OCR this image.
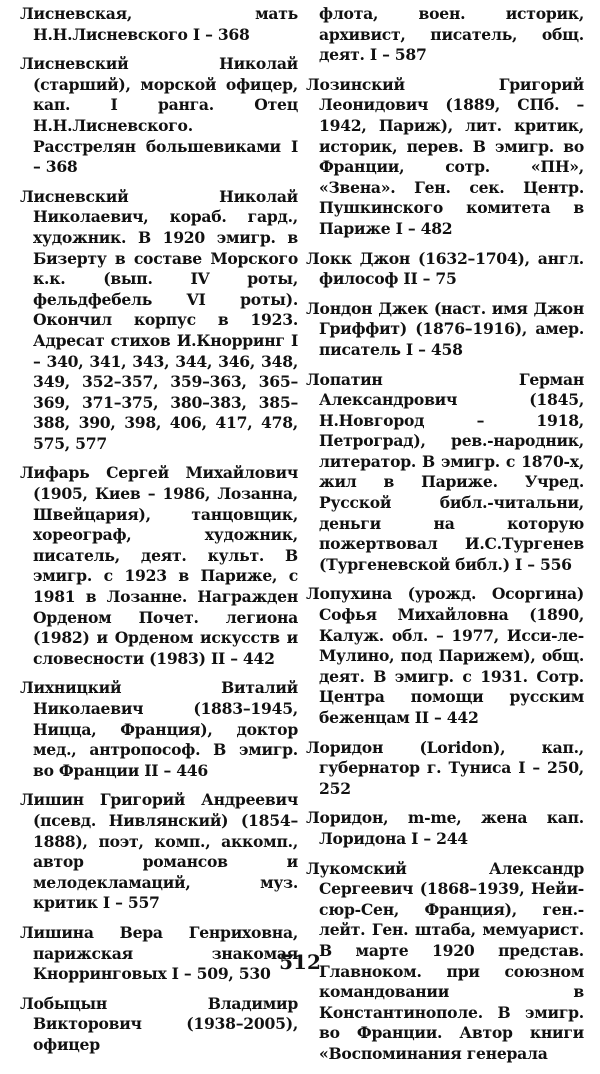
Лисневская, мать Н.Н.Лисневского I – 368

Лисневский Николай (старший), морской офицер, кап. I ранга. Отец Н.Н.Лисневского. Расстрелян большевиками I – 368

Лисневский Николай Николаевич, кораб. гард., художник. В 1920 эмигр. в Бизерту в составе Морского к.к. (вып. IV роты, фельдфебель VI роты). Окончил корпус в 1923. Адресат стихов И.Кнорринг I – 340, 341, 343, 344, 346, 348, 349, 352–357, 359–363, 365–369, 371–375, 380–383, 385–388, 390, 398, 406, 417, 478, 575, 577

Лифарь Сергей Михайлович (1905, Киев – 1986, Лозанна, Швейцария), танцовщик, хореограф, художник, писатель, деят. культ. В эмигр. с 1923 в Париже, с 1981 в Лозанне. Награжден Орденом Почет. легиона (1982) и Орденом искусств и словесности (1983) II – 442

Лихницкий Виталий Николаевич (1883–1945, Ницца, Франция), доктор мед., антропософ. В эмигр. во Франции II – 446

Лишин Григорий Андреевич (псевд. Нивлянский) (1854–1888), поэт, комп., аккомп., автор романсов и мелодекламаций, муз. критик I – 557

Лишина Вера Генриховна, парижская знакомая Кнорринговых I – 509, 530

Лобыцын Владимир Викторович (1938–2005), офицер

флота, воен. историк, архивист, писатель, общ. деят. I – 587

Лозинский Григорий Леонидович (1889, СПб. – 1942, Париж), лит. критик, историк, перев. В эмигр. во Франции, сотр. «ПН», «Звена». Ген. сек. Центр. Пушкинского комитета в Париже I – 482

Локк Джон (1632–1704), англ. философ II – 75

Лондон Джек (наст. имя Джон Гриффит) (1876–1916), амер. писатель I – 458

Лопатин Герман Александрович (1845, Н.Новгород – 1918, Петроград), рев.-народник, литератор. В эмигр. с 1870-х, жил в Париже. Учред. Русской библ.-читальни, деньги на которую пожертвовал И.С.Тургенев (Тургеневской библ.) I – 556

Лопухина (урожд. Осоргина) Софья Михайловна (1890, Калуж. обл. – 1977, Исси-ле-Мулино, под Парижем), общ. деят. В эмигр. с 1931. Сотр. Центра помощи русским беженцам II – 442

Лоридон (Loridon), кап., губернатор г. Туниса I – 250, 252

Лоридон, m-me, жена кап. Лоридона I – 244

Лукомский Александр Сергеевич (1868–1939, Нейи-сюр-Сен, Франция), ген.-лейт. Ген. штаба, мемуарист. В марте 1920 представ. Главноком. при союзном командовании в Константинополе. В эмигр. во Франции. Автор книги «Воспоминания генерала

512
